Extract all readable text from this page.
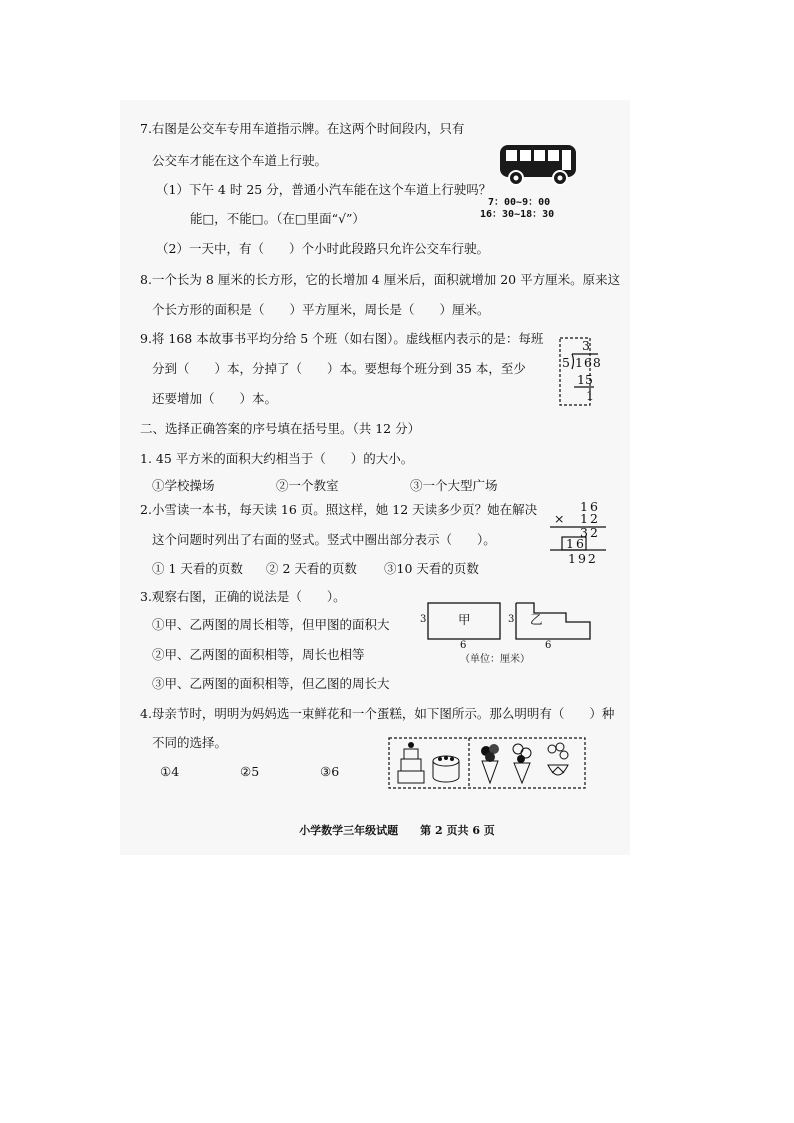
7.右图是公交车专用车道指示牌。在这两个时间段内，只有
公交车才能在这个车道上行驶。
（1）下午 4 时 25 分，普通小汽车能在这个车道上行驶吗？
能□，不能□。（在□里面“√”）
（2）一天中，有（　　）个小时此段路只允许公交车行驶。
7：00~9：00
16：30~18：30
8.一个长为 8 厘米的长方形，它的长增加 4 厘米后，面积就增加 20 平方厘米。原来这
个长方形的面积是（　　）平方厘米，周长是（　　）厘米。
9.将 168 本故事书平均分给 5 个班（如右图）。虚线框内表示的是：每班
分到（　　）本，分掉了（　　）本。要想每个班分到 35 本，至少
还要增加（　　）本。
3
5 168
15
1
二、选择正确答案的序号填在括号里。（共 12 分）
1. 45 平方米的面积大约相当于（　　）的大小。
①学校操场	②一个教室	③一个大型广场
2.小雪读一本书，每天读 16 页。照这样，她 12 天读多少页？她在解决
这个问题时列出了右面的竖式。竖式中圈出部分表示（　　）。
① 1 天看的页数 ② 2 天看的页数 ③10 天看的页数
16
× 12
32
16
192
3.观察右图，正确的说法是（　　）。
①甲、乙两图的周长相等，但甲图的面积大
②甲、乙两图的面积相等，周长也相等
③甲、乙两图的面积相等，但乙图的周长大
3	甲
6
3 乙
6
（单位：厘米）
4.母亲节时，明明为妈妈选一束鲜花和一个蛋糕，如下图所示。那么明明有（　　）种
不同的选择。
①4	②5	③6
小学数学三年级试题　　第 2 页共 6 页
